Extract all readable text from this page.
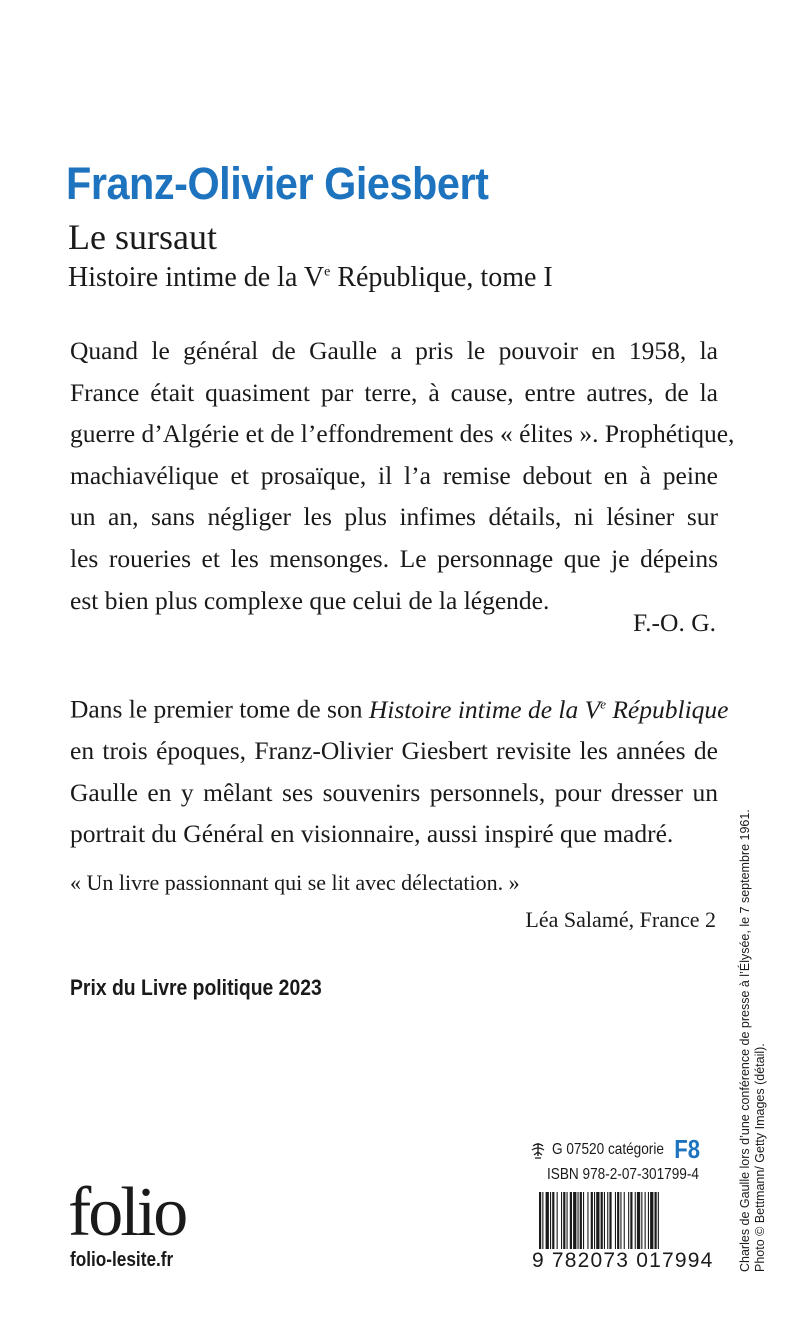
Franz-Olivier Giesbert
Le sursaut
Histoire intime de la Ve République, tome I
Quand le général de Gaulle a pris le pouvoir en 1958, la
France était quasiment par terre, à cause, entre autres, de la
guerre d’Algérie et de l’effondrement des « élites ». Prophétique,
machiavélique et prosaïque, il l’a remise debout en à peine
un an, sans négliger les plus infimes détails, ni lésiner sur
les roueries et les mensonges. Le personnage que je dépeins
est bien plus complexe que celui de la légende.
F.-O. G.
Dans le premier tome de son Histoire intime de la Ve République
en trois époques, Franz-Olivier Giesbert revisite les années de
Gaulle en y mêlant ses souvenirs personnels, pour dresser un
portrait du Général en visionnaire, aussi inspiré que madré.
« Un livre passionnant qui se lit avec délectation. »
Léa Salamé, France 2
Prix du Livre politique 2023
folio
folio-lesite.fr
G 07520 catégorie F8
ISBN 978-2-07-301799-4
9 782073 017994 Charles de Gaulle lors d’une conférence de presse à l’Élysée, le 7 septembre 1961. Photo © Bettmann/ Getty Images (détail).
